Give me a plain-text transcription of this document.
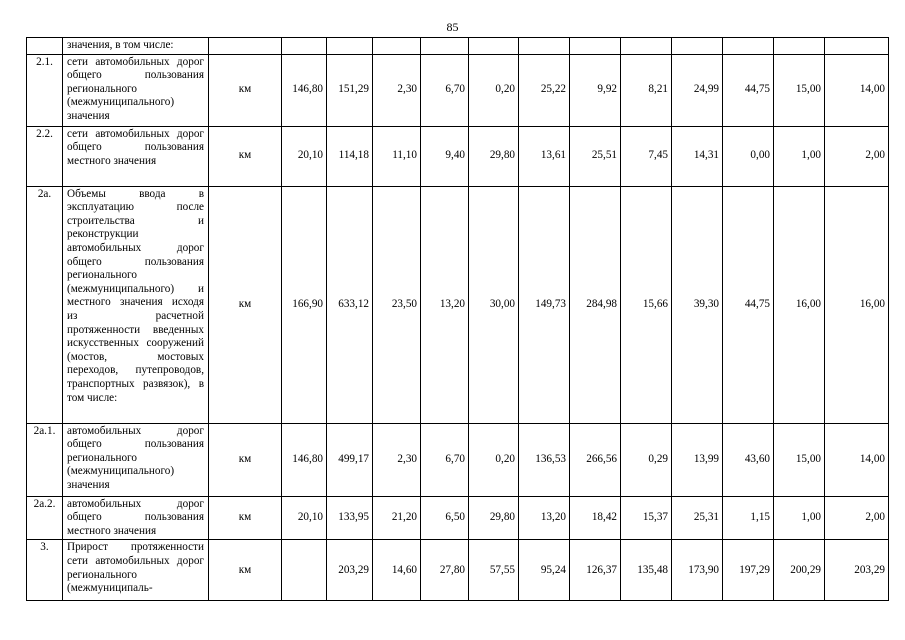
85
	значения, в том числе:													
2.1.	сети автомобильных дорог общего пользования регионального (межмуниципального) значения	км	146,80	151,29	2,30	6,70	0,20	25,22	9,92	8,21	24,99	44,75	15,00	14,00
2.2.	сети автомобильных дорог общего пользования местного значения	км	20,10	114,18	11,10	9,40	29,80	13,61	25,51	7,45	14,31	0,00	1,00	2,00
2а.	Объемы ввода в эксплуатацию после строительства и реконструкции автомобильных дорог общего пользования регионального (межмуниципального) и местного значения исходя из расчетной протяженности введенных искусственных сооружений (мостов, мостовых переходов, путепроводов, транспортных развязок), в том числе:	км	166,90	633,12	23,50	13,20	30,00	149,73	284,98	15,66	39,30	44,75	16,00	16,00
2а.1.	автомобильных дорог общего пользования регионального (межмуниципального) значения	км	146,80	499,17	2,30	6,70	0,20	136,53	266,56	0,29	13,99	43,60	15,00	14,00
2а.2.	автомобильных дорог общего пользования местного значения	км	20,10	133,95	21,20	6,50	29,80	13,20	18,42	15,37	25,31	1,15	1,00	2,00
3.	Прирост протяженности сети автомобильных дорог регионального (межмуниципаль-	км		203,29	14,60	27,80	57,55	95,24	126,37	135,48	173,90	197,29	200,29	203,29
